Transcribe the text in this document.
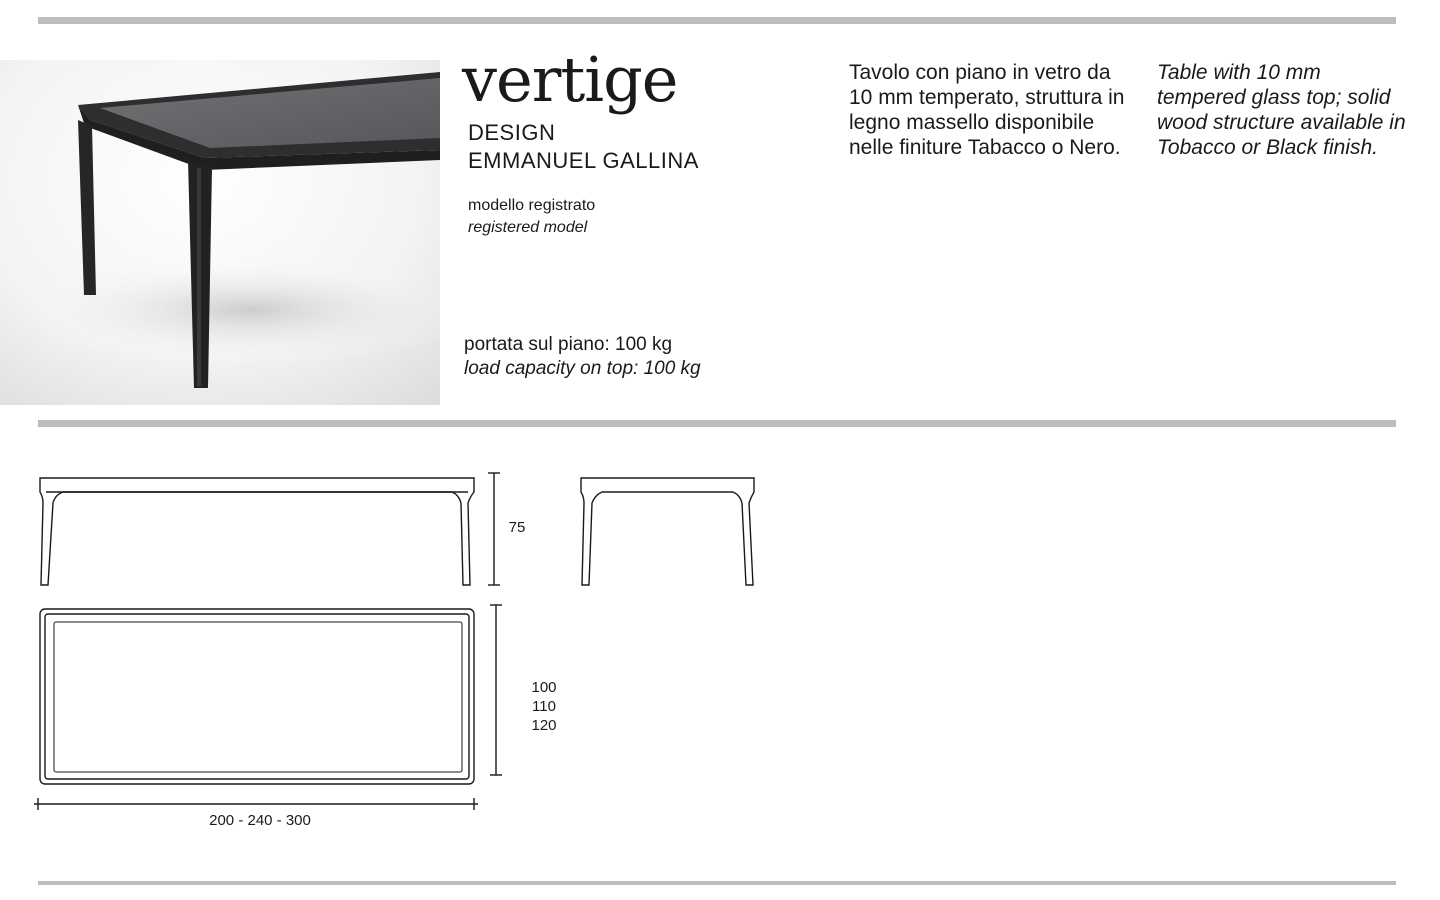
vertige
DESIGN
EMMANUEL GALLINA
modello registrato
registered model
portata sul piano: 100 kg
load capacity on top: 100 kg
Tavolo con piano in vetro da 10 mm temperato, struttura in legno massello disponibile nelle finiture Tabacco o Nero.
Table with 10 mm tempered glass top; solid wood structure available in Tobacco or Black finish.
75
100
110
120
200 - 240 - 300
